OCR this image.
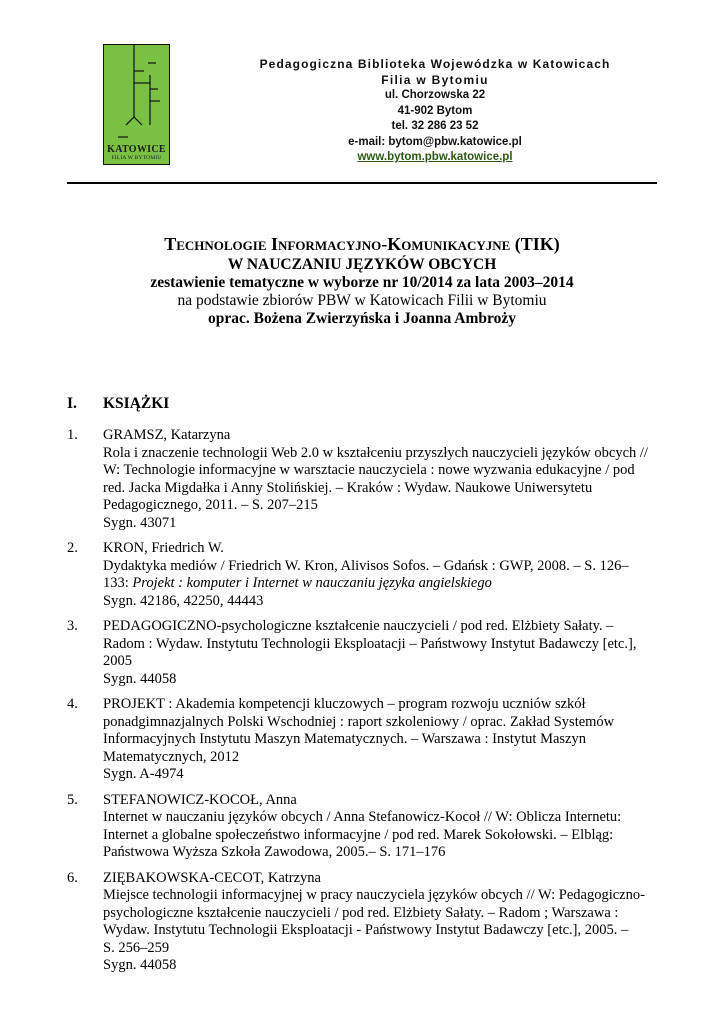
KATOWICE
FILIA W BYTOMIU
Pedagogiczna Biblioteka Wojewódzka w Katowicach
Filia w Bytomiu
ul. Chorzowska 22
41-902 Bytom
tel. 32 286 23 52
e-mail: bytom@pbw.katowice.pl
www.bytom.pbw.katowice.pl
Technologie Informacyjno-Komunikacyjne (TIK)
W NAUCZANIU JĘZYKÓW OBCYCH
zestawienie tematyczne w wyborze nr 10/2014 za lata 2003–2014
na podstawie zbiorów PBW w Katowicach Filii w Bytomiu
oprac. Bożena Zwierzyńska i Joanna Ambroży
I. KSIĄŻKI
1. GRAMSZ, Katarzyna
Rola i znaczenie technologii Web 2.0 w kształceniu przyszłych nauczycieli języków obcych //
W: Technologie informacyjne w warsztacie nauczyciela : nowe wyzwania edukacyjne / pod
red. Jacka Migdałka i Anny Stolińskiej. – Kraków : Wydaw. Naukowe Uniwersytetu
Pedagogicznego, 2011. – S. 207–215
Sygn. 43071
2. KRON, Friedrich W.
Dydaktyka mediów / Friedrich W. Kron, Alivisos Sofos. – Gdańsk : GWP, 2008. – S. 126–
133: Projekt : komputer i Internet w nauczaniu języka angielskiego
Sygn. 42186, 42250, 44443
3. PEDAGOGICZNO-psychologiczne kształcenie nauczycieli / pod red. Elżbiety Sałaty. –
Radom : Wydaw. Instytutu Technologii Eksploatacji – Państwowy Instytut Badawczy [etc.],
2005
Sygn. 44058
4. PROJEKT : Akademia kompetencji kluczowych – program rozwoju uczniów szkół
ponadgimnazjalnych Polski Wschodniej : raport szkoleniowy / oprac. Zakład Systemów
Informacyjnych Instytutu Maszyn Matematycznych. – Warszawa : Instytut Maszyn
Matematycznych, 2012
Sygn. A-4974
5. STEFANOWICZ-KOCOŁ, Anna
Internet w nauczaniu języków obcych / Anna Stefanowicz-Kocoł // W: Oblicza Internetu:
Internet a globalne społeczeństwo informacyjne / pod red. Marek Sokołowski. – Elbląg:
Państwowa Wyższa Szkoła Zawodowa, 2005.– S. 171–176
6. ZIĘBAKOWSKA-CECOT, Katrzyna
Miejsce technologii informacyjnej w pracy nauczyciela języków obcych // W: Pedagogiczno-
psychologiczne kształcenie nauczycieli / pod red. Elżbiety Sałaty. – Radom ; Warszawa :
Wydaw. Instytutu Technologii Eksploatacji - Państwowy Instytut Badawczy [etc.], 2005. –
S. 256–259
Sygn. 44058
